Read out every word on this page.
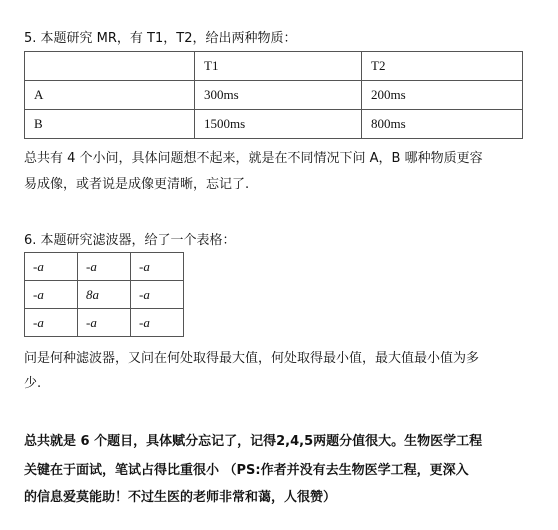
5. 本题研究 MR，有 T1，T2，给出两种物质：
	T1	T2
A	300ms	200ms
B	1500ms	800ms
总共有 4 个小问，具体问题想不起来，就是在不同情况下问 A，B 哪种物质更容
易成像，或者说是成像更清晰，忘记了.
6. 本题研究滤波器，给了一个表格：
-a	-a	-a
-a	8a	-a
-a	-a	-a
问是何种滤波器，又问在何处取得最大值，何处取得最小值，最大值最小值为多
少.
总共就是 6 个题目，具体赋分忘记了，记得2,4,5两题分值很大。生物医学工程
关键在于面试，笔试占得比重很小 （PS:作者并没有去生物医学工程，更深入
的信息爱莫能助！不过生医的老师非常和蔼，人很赞）
